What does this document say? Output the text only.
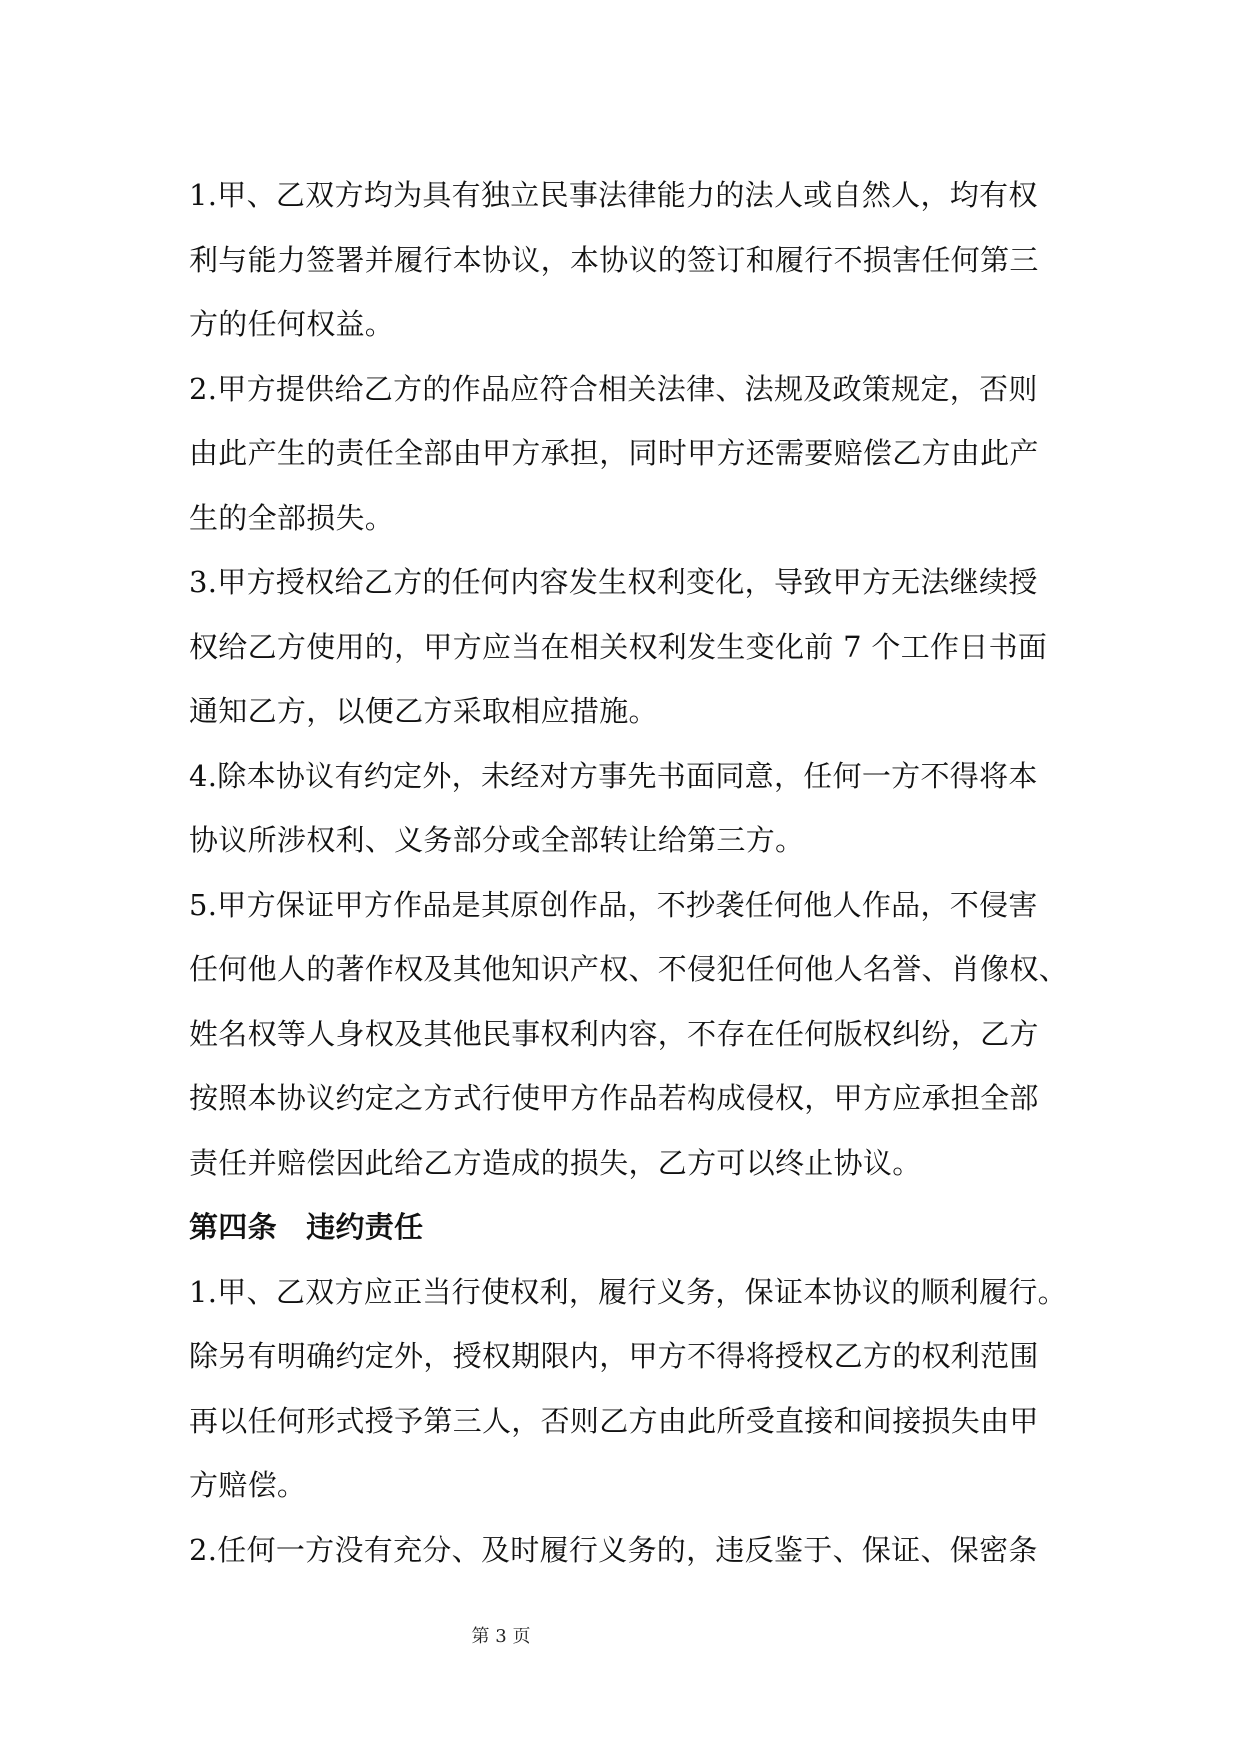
1.甲、乙双方均为具有独立民事法律能力的法人或自然人，均有权
利与能力签署并履行本协议，本协议的签订和履行不损害任何第三
方的任何权益。
2.甲方提供给乙方的作品应符合相关法律、法规及政策规定，否则
由此产生的责任全部由甲方承担，同时甲方还需要赔偿乙方由此产
生的全部损失。
3.甲方授权给乙方的任何内容发生权利变化，导致甲方无法继续授
权给乙方使用的，甲方应当在相关权利发生变化前 7 个工作日书面
通知乙方，以便乙方采取相应措施。
4.除本协议有约定外，未经对方事先书面同意，任何一方不得将本
协议所涉权利、义务部分或全部转让给第三方。
5.甲方保证甲方作品是其原创作品，不抄袭任何他人作品，不侵害
任何他人的著作权及其他知识产权、不侵犯任何他人名誉、肖像权、
姓名权等人身权及其他民事权利内容，不存在任何版权纠纷，乙方
按照本协议约定之方式行使甲方作品若构成侵权，甲方应承担全部
责任并赔偿因此给乙方造成的损失，乙方可以终止协议。
第四条　违约责任
1.甲、乙双方应正当行使权利，履行义务，保证本协议的顺利履行。
除另有明确约定外，授权期限内，甲方不得将授权乙方的权利范围
再以任何形式授予第三人，否则乙方由此所受直接和间接损失由甲
方赔偿。
2.任何一方没有充分、及时履行义务的，违反鉴于、保证、保密条
第 3 页
